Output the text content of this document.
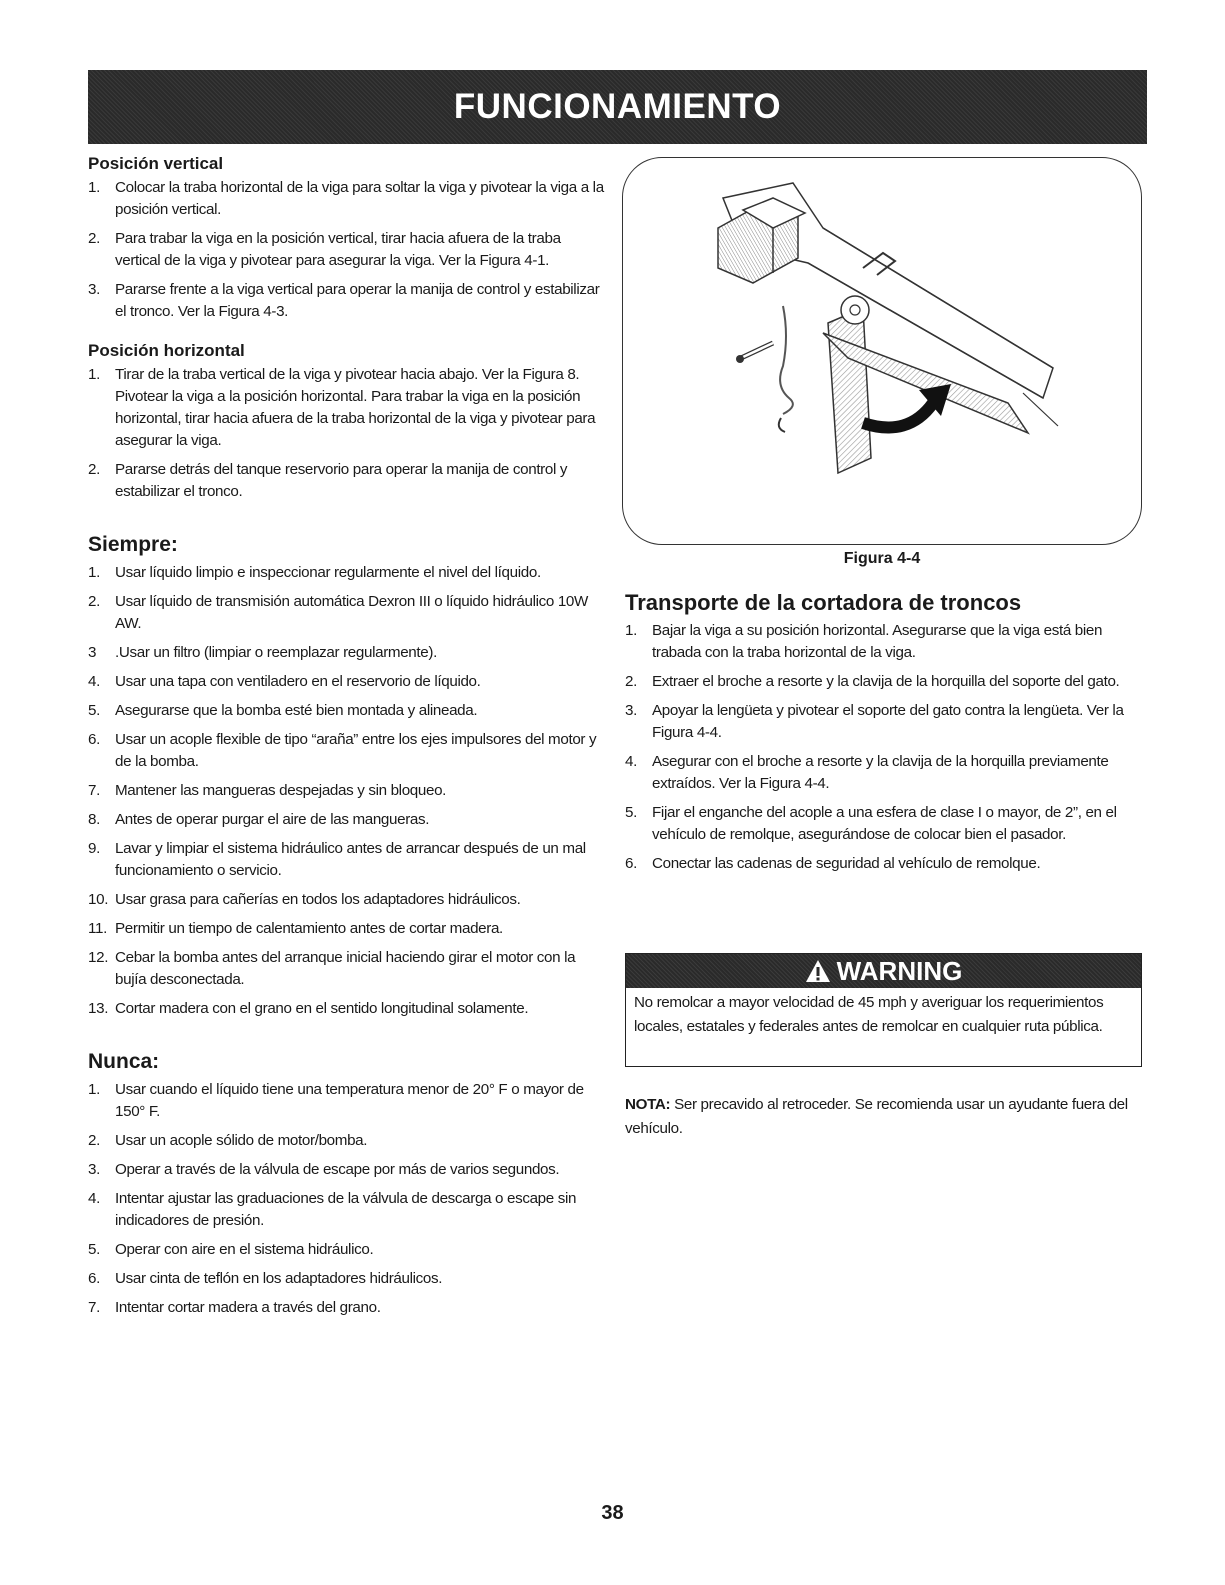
FUNCIONAMIENTO
Posición vertical
1. Colocar la traba horizontal de la viga para soltar la viga y pivotear la viga a la posición vertical.
2. Para trabar la viga en la posición vertical, tirar hacia afuera de la traba vertical de la viga y pivotear para asegurar la viga. Ver la Figura 4-1.
3. Pararse frente a la viga vertical para operar la manija de control y estabilizar el tronco. Ver la Figura 4-3.
Posición horizontal
1. Tirar de la traba vertical de la viga y pivotear hacia abajo. Ver la Figura 8. Pivotear la viga a la posición horizontal. Para trabar la viga en la posición horizontal, tirar hacia afuera de la traba horizontal de la viga y pivotear para asegurar la viga.
2. Pararse detrás del tanque reservorio para operar la manija de control y estabilizar el tronco.
Siempre:
1. Usar líquido limpio e inspeccionar regularmente el nivel del líquido.
2. Usar líquido de transmisión automática Dexron III o líquido hidráulico 10W AW.
3 .Usar un filtro (limpiar o reemplazar regularmente).
4. Usar una tapa con ventiladero en el reservorio de líquido.
5. Asegurarse que la bomba esté bien montada y alineada.
6. Usar un acople flexible de tipo “araña” entre los ejes impulsores del motor y de la bomba.
7. Mantener las mangueras despejadas y sin bloqueo.
8. Antes de operar purgar el aire de las mangueras.
9. Lavar y limpiar el sistema hidráulico antes de arrancar después de un mal funcionamiento o servicio.
10. Usar grasa para cañerías en todos los adaptadores hidráulicos.
11. Permitir un tiempo de calentamiento antes de cortar madera.
12. Cebar la bomba antes del arranque inicial haciendo girar el motor con la bujía desconectada.
13. Cortar madera con el grano en el sentido longitudinal solamente.
Nunca:
1. Usar cuando el líquido tiene una temperatura menor de 20° F o mayor de 150° F.
2. Usar un acople sólido de motor/bomba.
3. Operar a través de la válvula de escape por más de varios segundos.
4. Intentar ajustar las graduaciones de la válvula de descarga o escape sin indicadores de presión.
5. Operar con aire en el sistema hidráulico.
6. Usar cinta de teflón en los adaptadores hidráulicos.
7. Intentar cortar madera a través del grano.
Figura 4-4
Transporte de la cortadora de troncos
1. Bajar la viga a su posición horizontal. Asegurarse que la viga está bien trabada con la traba horizontal de la viga.
2. Extraer el broche a resorte y la clavija de la horquilla del soporte del gato.
3. Apoyar la lengüeta y pivotear el soporte del gato contra la lengüeta. Ver la Figura 4-4.
4. Asegurar con el broche a resorte y la clavija de la horquilla previamente extraídos. Ver la Figura 4-4.
5. Fijar el enganche del acople a una esfera de clase I o mayor, de 2”, en el vehículo de remolque, asegurándose de colocar bien el pasador.
6. Conectar las cadenas de seguridad al vehículo de remolque.
WARNING
No remolcar a mayor velocidad de 45 mph y averiguar los requerimientos locales, estatales y federales antes de remolcar en cualquier ruta pública.
NOTA: Ser precavido al retroceder. Se recomienda usar un ayudante fuera del vehículo.
38
